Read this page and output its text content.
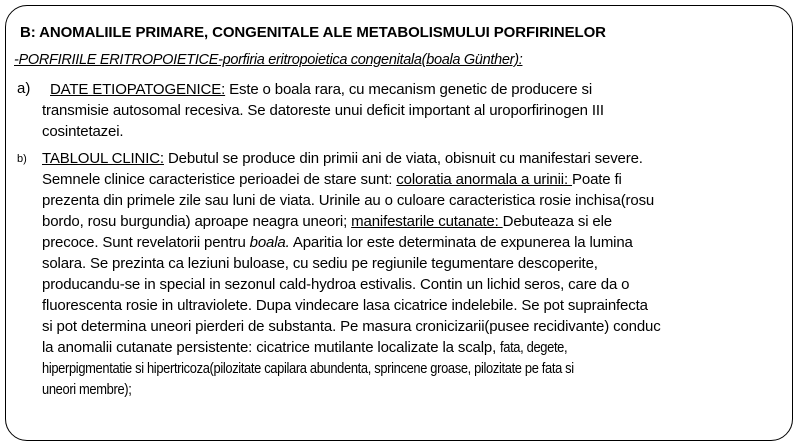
B: ANOMALIILE PRIMARE, CONGENITALE ALE METABOLISMULUI PORFIRINELOR
-PORFIRIILE ERITROPOIETICE-porfiria eritropoietica congenitala(boala Günther):
a)	DATE ETIOPATOGENICE: Este o boala rara, cu mecanism genetic de producere si
transmisie autosomal recesiva. Se datoreste unui deficit important al uroporfirinogen III
cosintetazei.
b) TABLOUL CLINIC: Debutul se produce din primii ani de viata, obisnuit cu manifestari severe.
Semnele clinice caracteristice perioadei de stare sunt: coloratia anormala a urinii: Poate fi
prezenta din primele zile sau luni de viata. Urinile au o culoare caracteristica rosie inchisa(rosu
bordo, rosu burgundia) aproape neagra uneori; manifestarile cutanate: Debuteaza si ele
precoce. Sunt revelatorii pentru boala. Aparitia lor este determinata de expunerea la lumina
solara. Se prezinta ca leziuni buloase, cu sediu pe regiunile tegumentare descoperite,
producandu-se in special in sezonul cald-hydroa estivalis. Contin un lichid seros, care da o
fluorescenta rosie in ultraviolete. Dupa vindecare lasa cicatrice indelebile. Se pot suprainfecta
si pot determina uneori pierderi de substanta. Pe masura cronicizarii(pusee recidivante) conduc
la anomalii cutanate persistente: cicatrice mutilante localizate la scalp, fata, degete,
hiperpigmentatie si hipertricoza(pilozitate capilara abundenta, sprincene groase, pilozitate pe fata si
uneori membre);
